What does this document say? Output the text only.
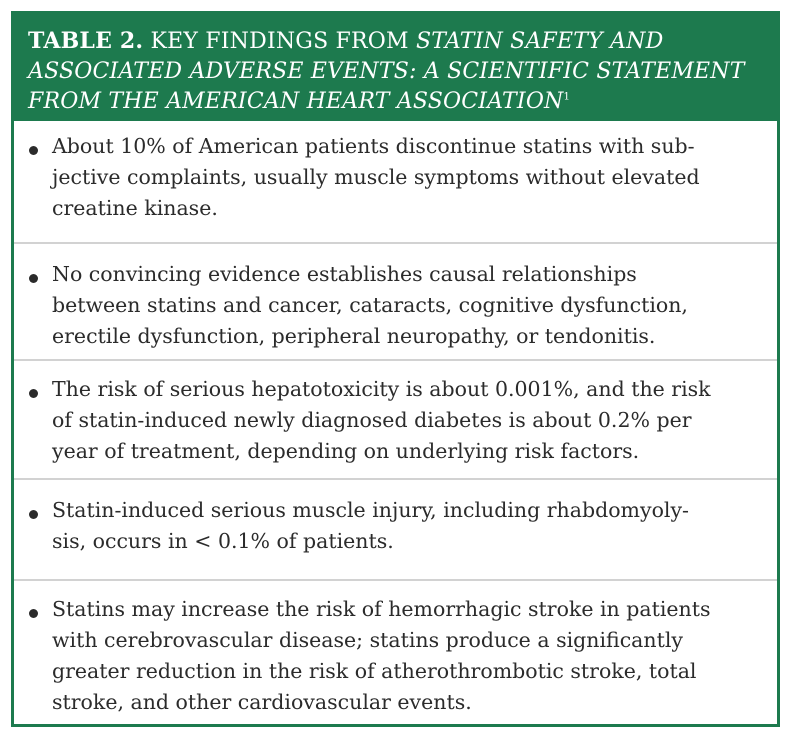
TABLE 2. KEY FINDINGS FROM STATIN SAFETY AND
ASSOCIATED ADVERSE EVENTS: A SCIENTIFIC STATEMENT
FROM THE AMERICAN HEART ASSOCIATION$^1$
About 10% of American patients discontinue statins with sub-
jective complaints, usually muscle symptoms without elevated
creatine kinase.
No convincing evidence establishes causal relationships
between statins and cancer, cataracts, cognitive dysfunction,
erectile dysfunction, peripheral neuropathy, or tendonitis.
The risk of serious hepatotoxicity is about 0.001%, and the risk
of statin-induced newly diagnosed diabetes is about 0.2% per
year of treatment, depending on underlying risk factors.
Statin-induced serious muscle injury, including rhabdomyoly-
sis, occurs in < 0.1% of patients.
Statins may increase the risk of hemorrhagic stroke in patients
with cerebrovascular disease; statins produce a significantly
greater reduction in the risk of atherothrombotic stroke, total
stroke, and other cardiovascular events.
